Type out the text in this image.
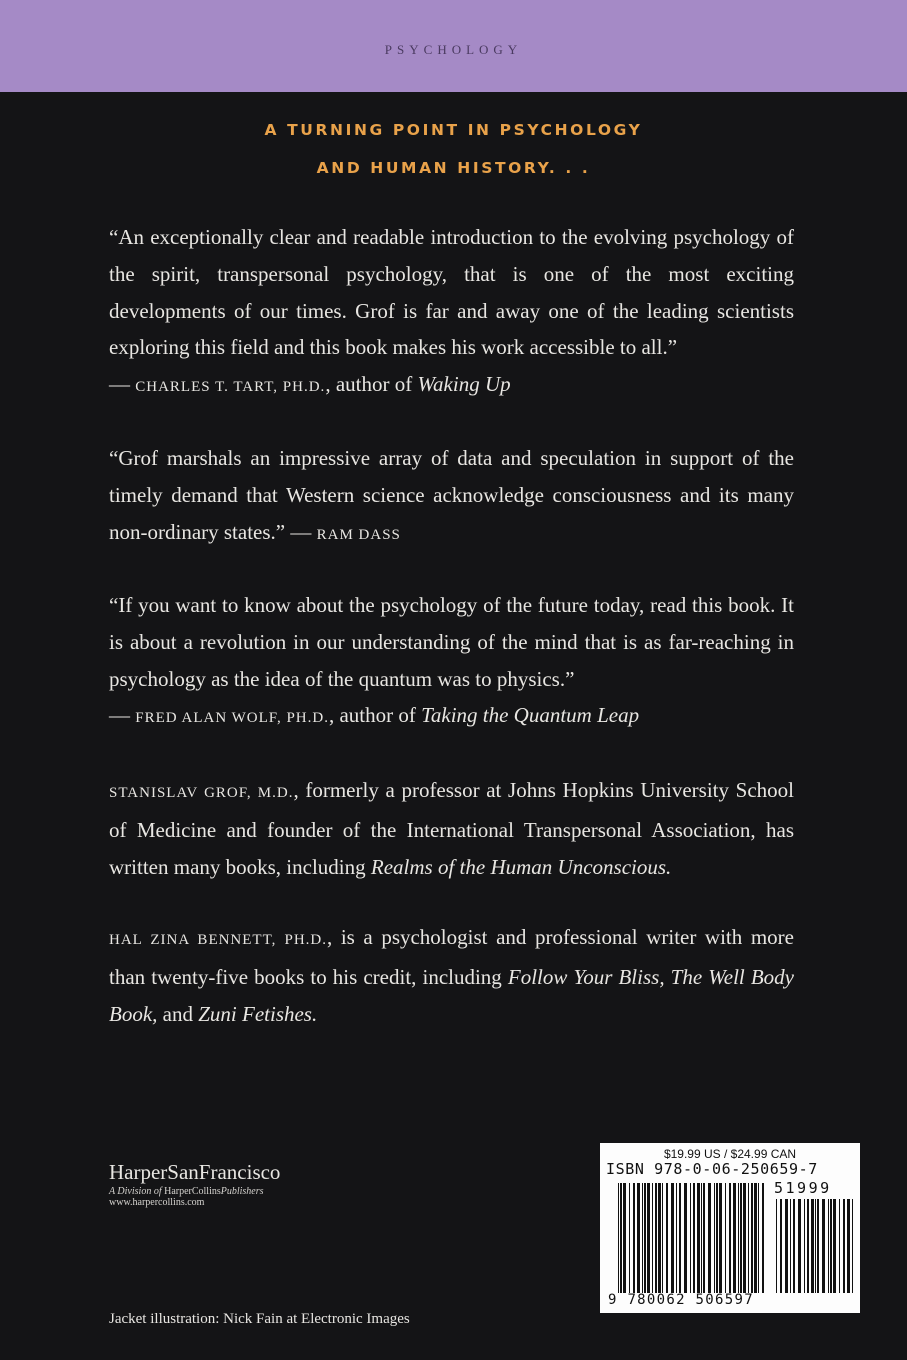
PSYCHOLOGY
A TURNING POINT IN PSYCHOLOGY
AND HUMAN HISTORY. . .

“An exceptionally clear and readable introduction to the evolving psychology of the spirit, transpersonal psychology, that is one of the most exciting developments of our times. Grof is far and away one of the leading scientists exploring this field and this book makes his work accessible to all.”
— CHARLES T. TART, PH.D., author of Waking Up

“Grof marshals an impressive array of data and speculation in support of the timely demand that Western science acknowledge consciousness and its many non-ordinary states.” — RAM DASS

“If you want to know about the psychology of the future today, read this book. It is about a revolution in our understanding of the mind that is as far-reaching in psychology as the idea of the quantum was to physics.”
— FRED ALAN WOLF, PH.D., author of Taking the Quantum Leap

STANISLAV GROF, M.D., formerly a professor at Johns Hopkins University School of Medicine and founder of the International Transpersonal Association, has written many books, including Realms of the Human Unconscious.

HAL ZINA BENNETT, PH.D., is a psychologist and professional writer with more than twenty-five books to his credit, including Follow Your Bliss, The Well Body Book, and Zuni Fetishes.

HarperSanFrancisco
A Division of HarperCollinsPublishers
www.harpercollins.com
Jacket illustration: Nick Fain at Electronic Images
$19.99 US / $24.99 CAN
ISBN 978-0-06-250659-7
51999
9 780062 506597
